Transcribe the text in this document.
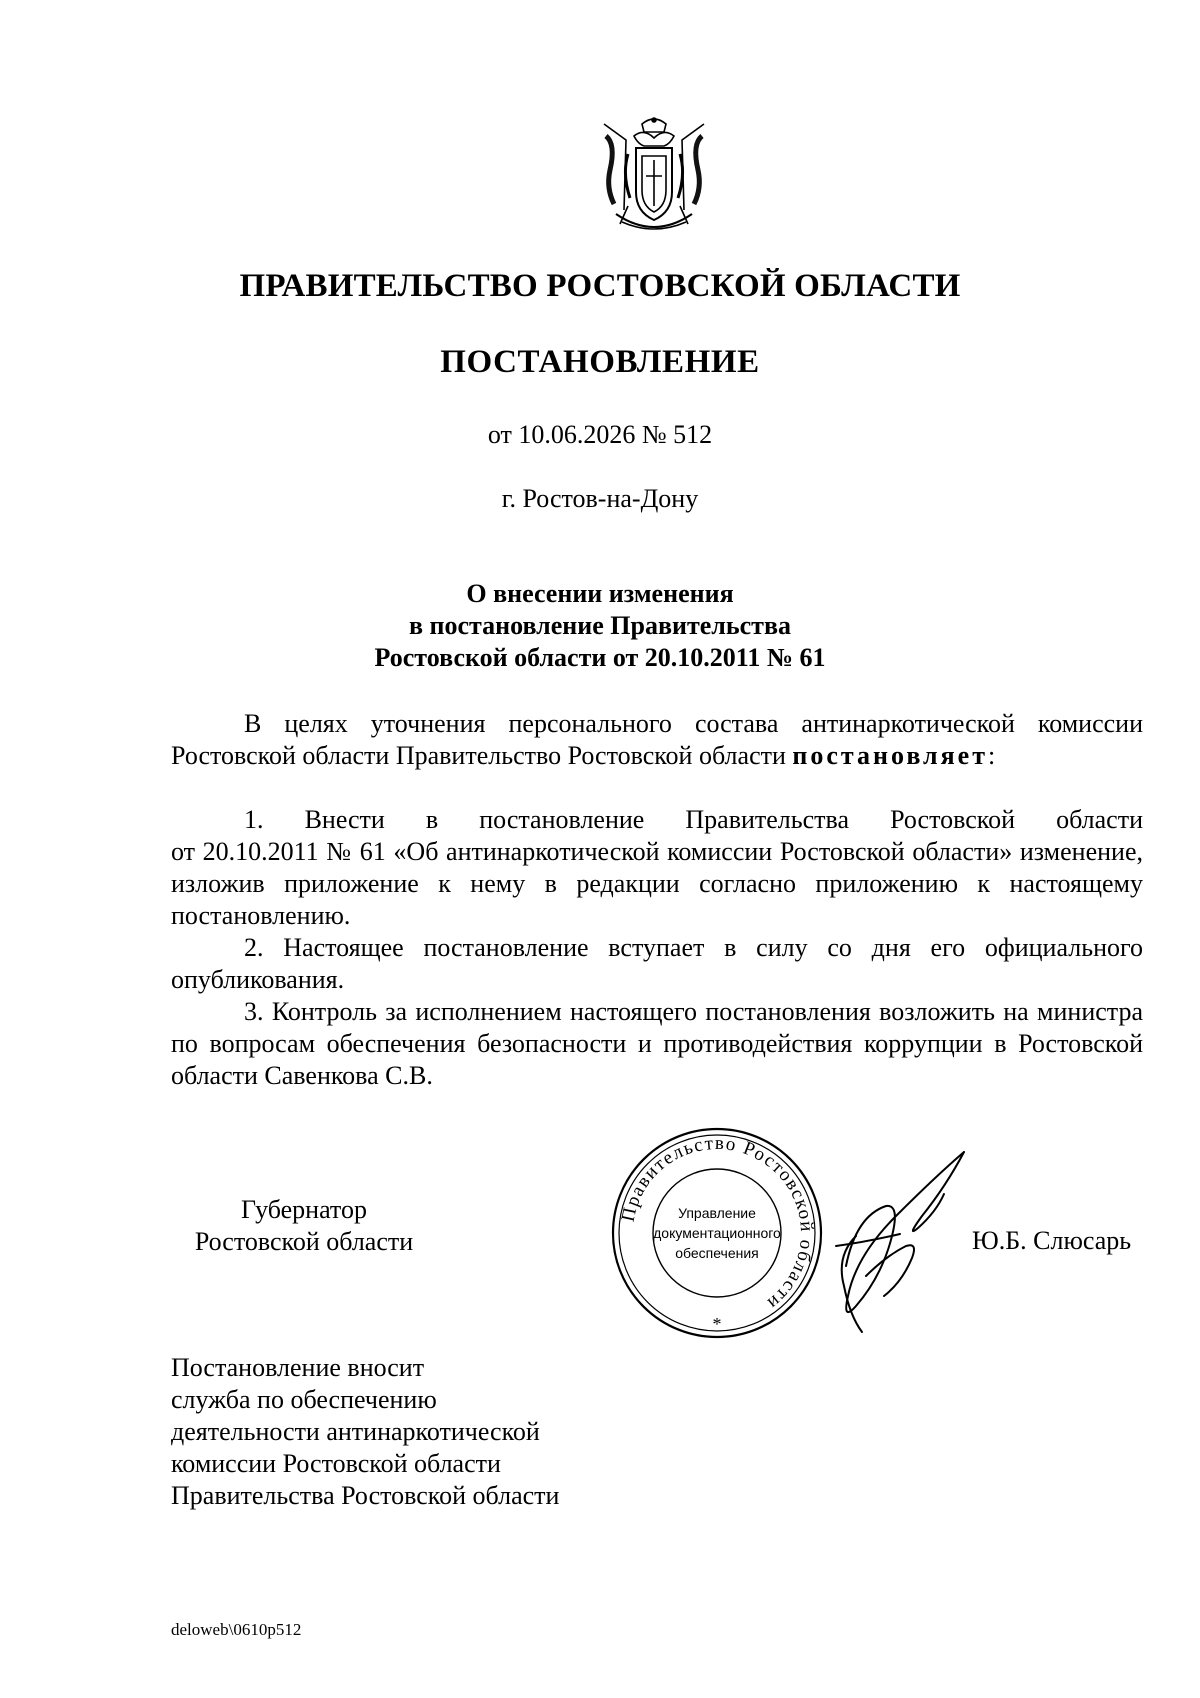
ПРАВИТЕЛЬСТВО РОСТОВСКОЙ ОБЛАСТИ
ПОСТАНОВЛЕНИЕ
от 10.06.2026 № 512
г. Ростов-на-Дону
О внесении изменения
в постановление Правительства
Ростовской области от 20.10.2011 № 61

В целях уточнения персонального состава антинаркотической комиссии Ростовской области Правительство Ростовской области постановляет:

1. Внести в постановление Правительства Ростовской области

от 20.10.2011 № 61 «Об антинаркотической комиссии Ростовской области» изменение, изложив приложение к нему в редакции согласно приложению к настоящему постановлению.

2. Настоящее постановление вступает в силу со дня его официального опубликования.

3. Контроль за исполнением настоящего постановления возложить на министра по вопросам обеспечения безопасности и противодействия коррупции в Ростовской области Савенкова С.В.

Губернатор
Ростовской области
Правительство Ростовской области
Управление
документационного
обеспечения
*
Ю.Б. Слюсарь
Постановление вносит
служба по обеспечению
деятельности антинаркотической
комиссии Ростовской области
Правительства Ростовской области
deloweb\0610p512
